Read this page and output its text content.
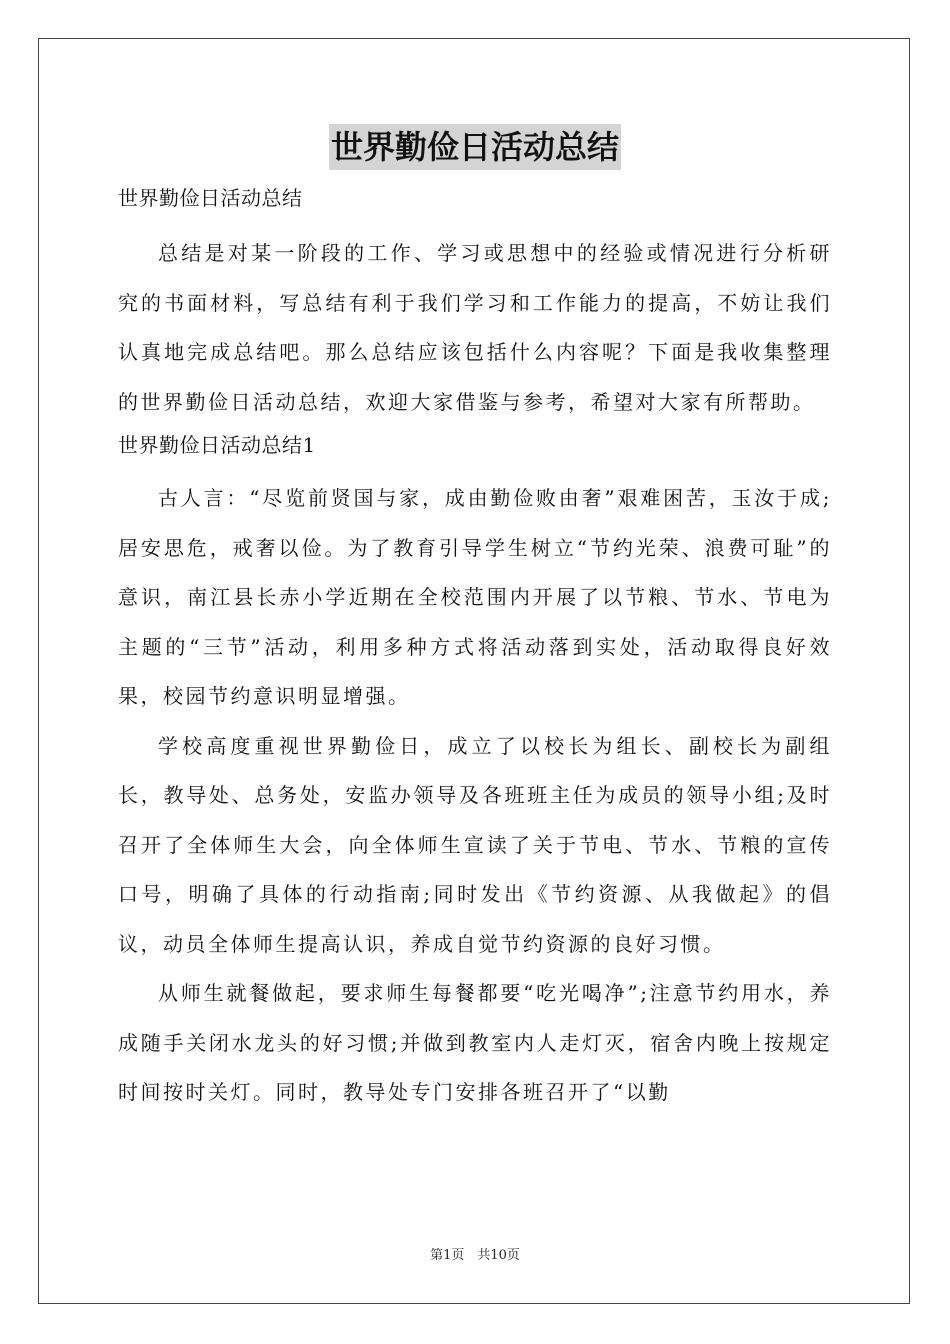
世界勤俭日活动总结

世界勤俭日活动总结

总结是对某一阶段的工作、学习或思想中的经验或情况进行分析研究的书面材料，写总结有利于我们学习和工作能力的提高，不妨让我们认真地完成总结吧。那么总结应该包括什么内容呢？下面是我收集整理的世界勤俭日活动总结，欢迎大家借鉴与参考，希望对大家有所帮助。

世界勤俭日活动总结1

古人言：“尽览前贤国与家，成由勤俭败由奢”艰难困苦，玉汝于成;居安思危，戒奢以俭。为了教育引导学生树立“节约光荣、浪费可耻”的意识，南江县长赤小学近期在全校范围内开展了以节粮、节水、节电为主题的“三节”活动，利用多种方式将活动落到实处，活动取得良好效果，校园节约意识明显增强。

学校高度重视世界勤俭日，成立了以校长为组长、副校长为副组长，教导处、总务处，安监办领导及各班班主任为成员的领导小组;及时召开了全体师生大会，向全体师生宣读了关于节电、节水、节粮的宣传口号，明确了具体的行动指南;同时发出《节约资源、从我做起》的倡议，动员全体师生提高认识，养成自觉节约资源的良好习惯。

从师生就餐做起，要求师生每餐都要“吃光喝净”;注意节约用水，养成随手关闭水龙头的好习惯;并做到教室内人走灯灭，宿舍内晚上按规定时间按时关灯。同时，教导处专门安排各班召开了“以勤

第1页　共10页
